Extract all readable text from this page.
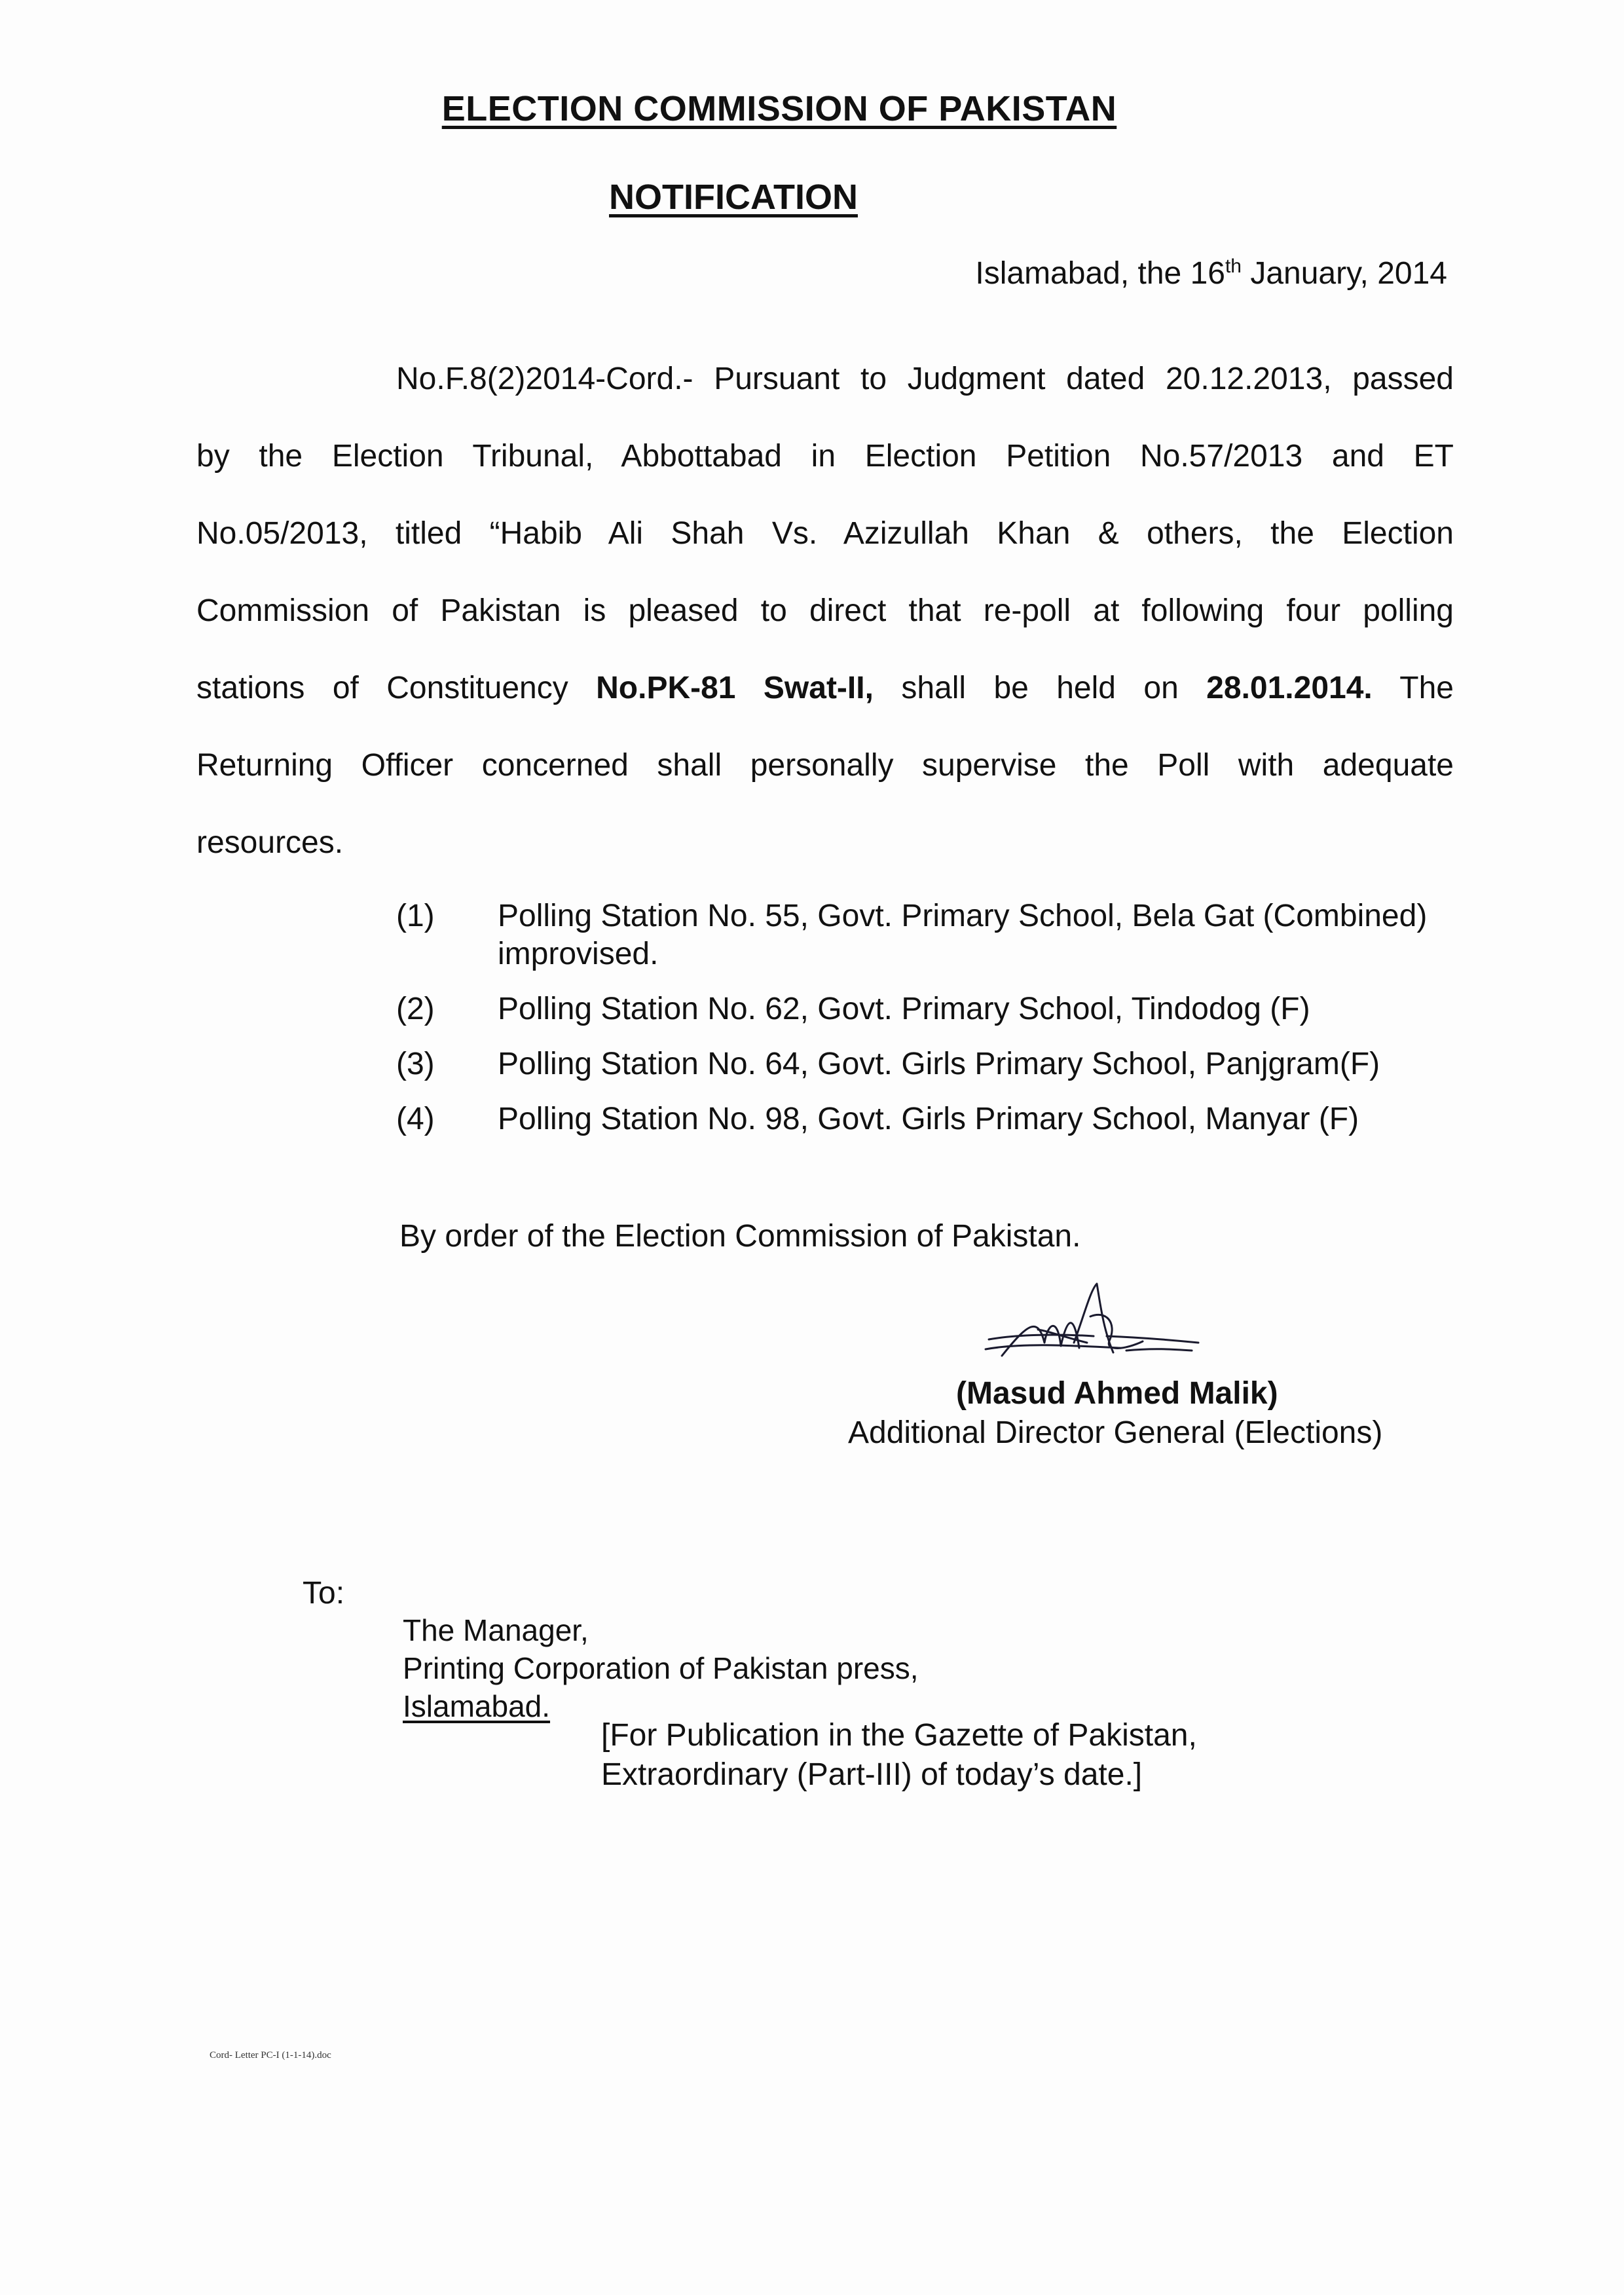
ELECTION COMMISSION OF PAKISTAN
NOTIFICATION
Islamabad, the 16th January, 2014
No.F.8(2)2014-Cord.- Pursuant to Judgment dated 20.12.2013, passed by the Election Tribunal, Abbottabad in Election Petition No.57/2013 and ET No.05/2013, titled “Habib Ali Shah Vs. Azizullah Khan & others, the Election Commission of Pakistan is pleased to direct that re-poll at following four polling stations of Constituency No.PK-81 Swat-II, shall be held on 28.01.2014. The Returning Officer concerned shall personally supervise the Poll with adequate resources.
(1)	Polling Station No. 55, Govt. Primary School, Bela Gat (Combined) improvised.
(2)	Polling Station No. 62, Govt. Primary School, Tindodog (F)
(3)	Polling Station No. 64, Govt. Girls Primary School, Panjgram(F)
(4)	Polling Station No. 98, Govt. Girls Primary School, Manyar (F)
By order of the Election Commission of Pakistan.
(Masud Ahmed Malik)
Additional Director General (Elections)
To:
The Manager,
Printing Corporation of Pakistan press,
Islamabad.
[For Publication in the Gazette of Pakistan,
Extraordinary (Part-III) of today’s date.]
Cord- Letter PC-I (1-1-14).doc
